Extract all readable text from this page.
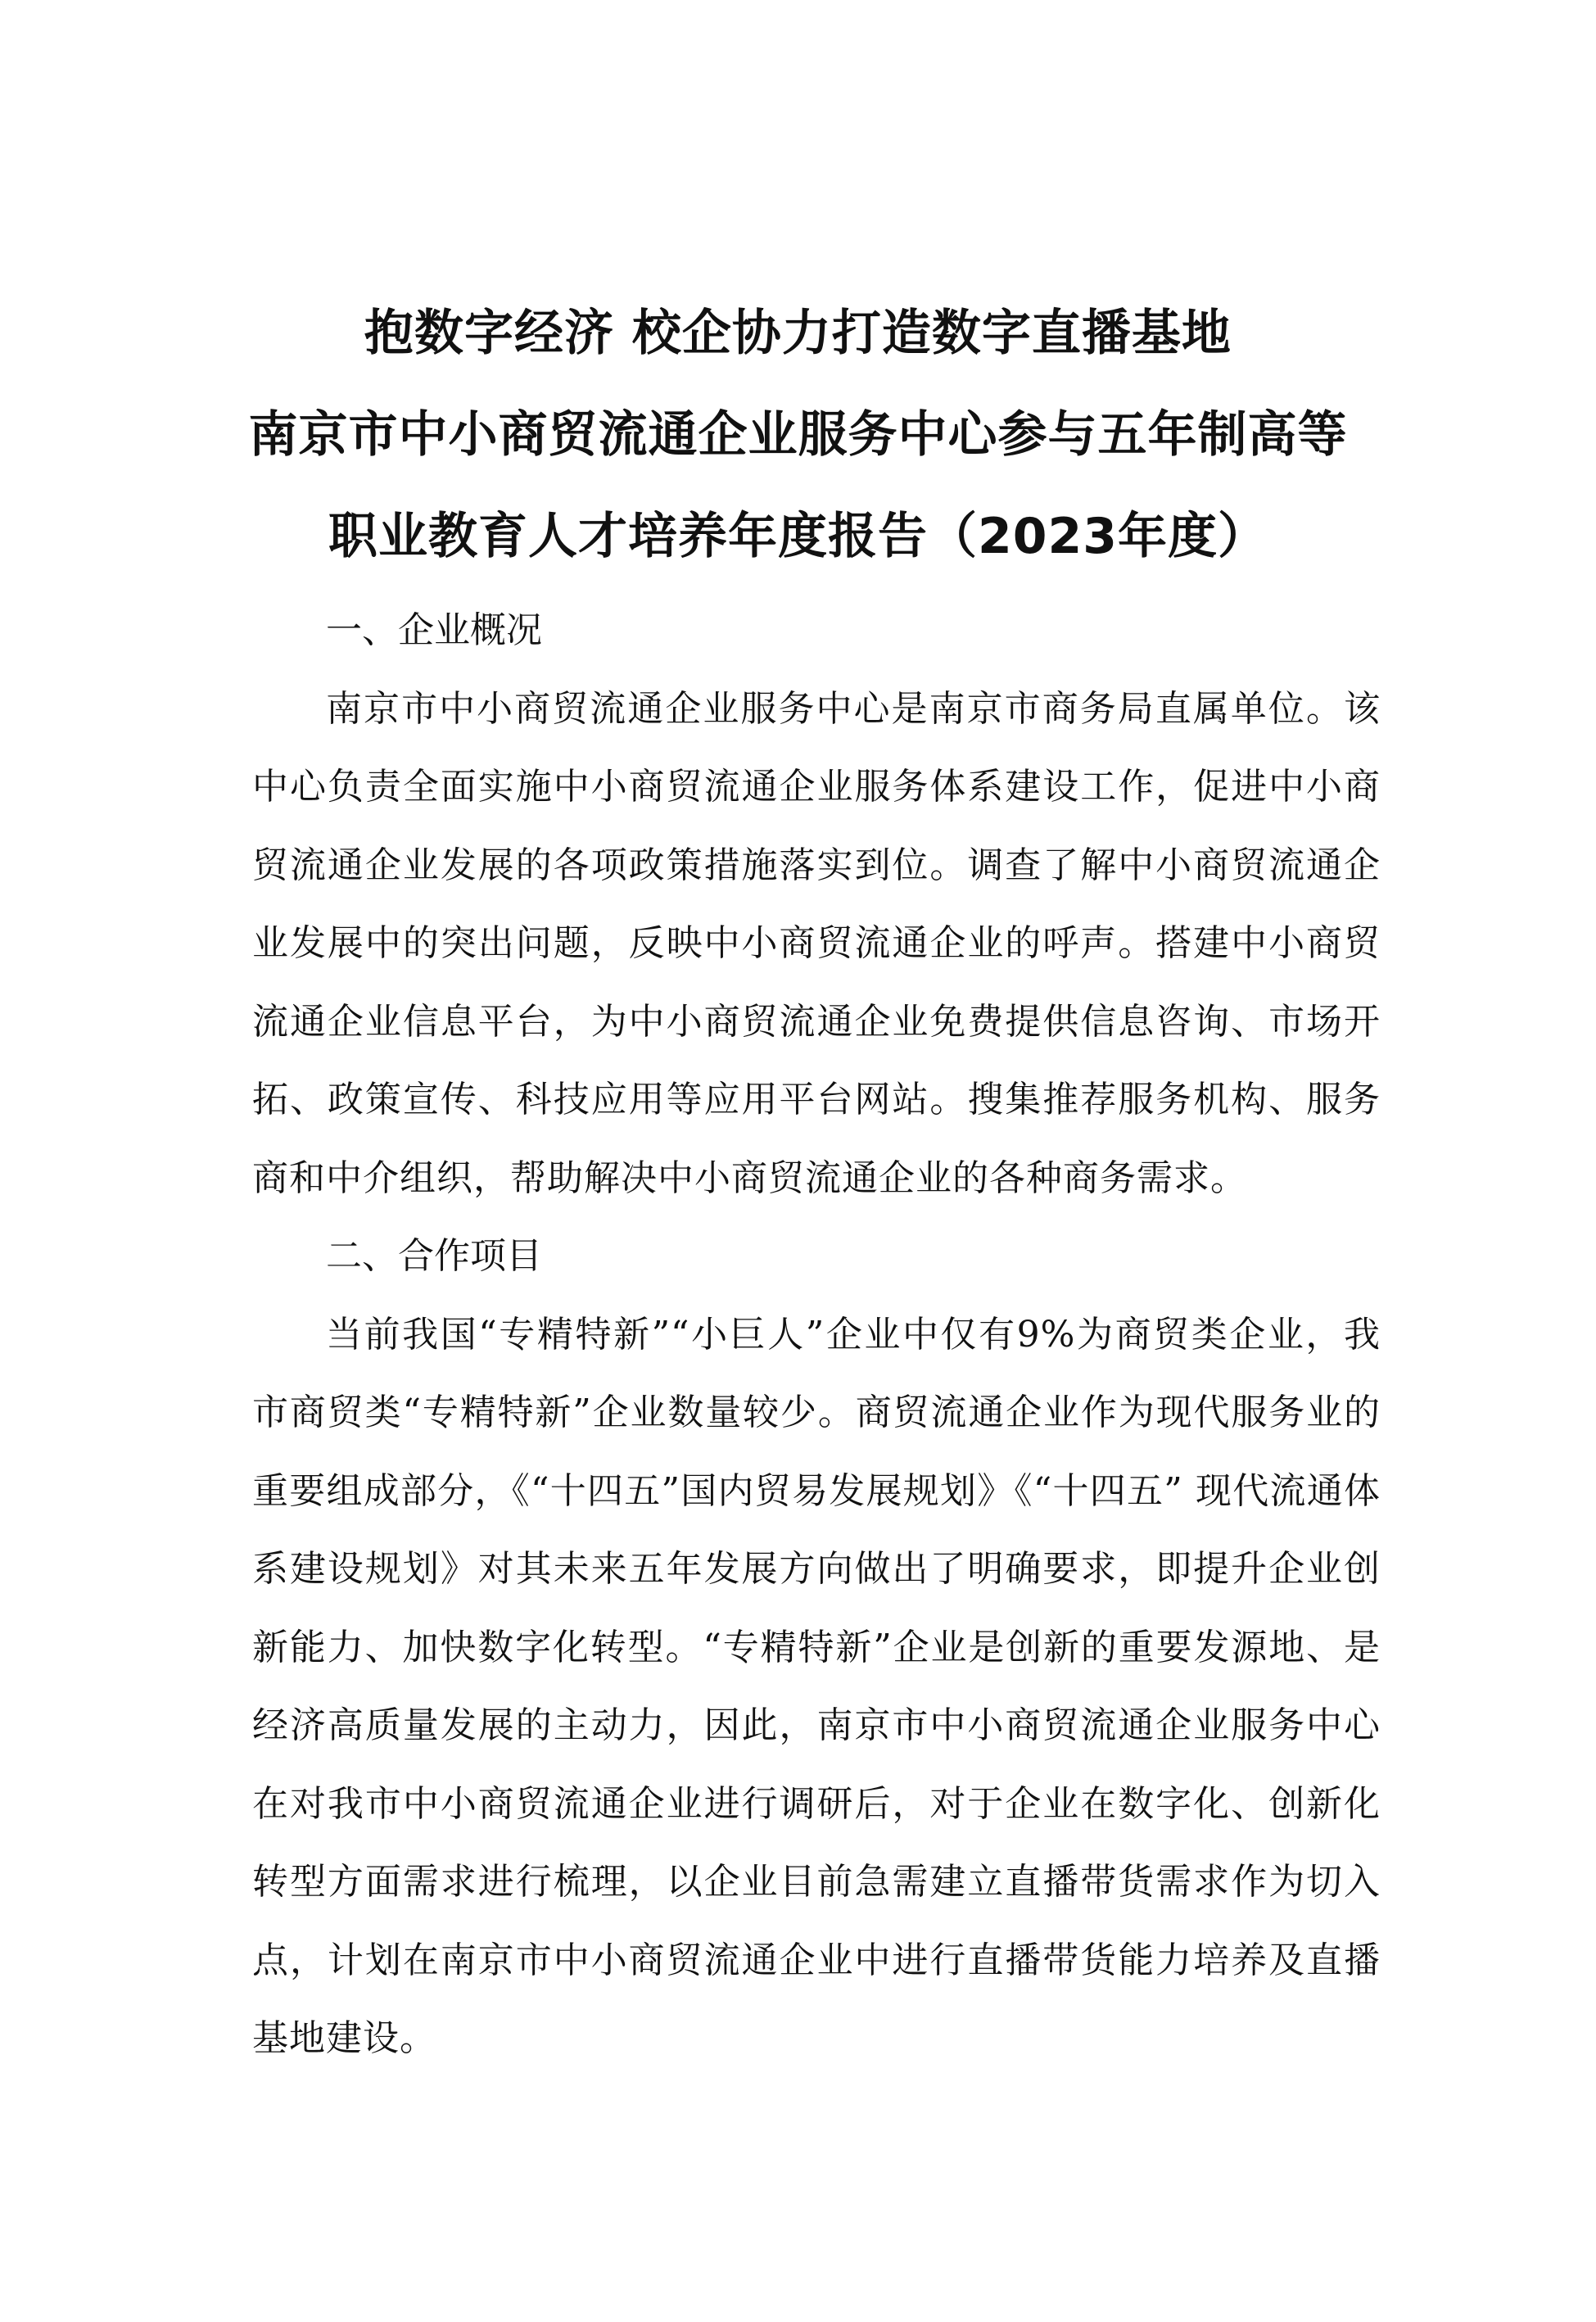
抱数字经济 校企协力打造数字直播基地
南京市中小商贸流通企业服务中心参与五年制高等
职业教育人才培养年度报告（2023年度）
一、企业概况

南京市中小商贸流通企业服务中心是南京市商务局直属单位。该中心负责全面实施中小商贸流通企业服务体系建设工作，促进中小商贸流通企业发展的各项政策措施落实到位。调查了解中小商贸流通企业发展中的突出问题，反映中小商贸流通企业的呼声。搭建中小商贸流通企业信息平台，为中小商贸流通企业免费提供信息咨询、市场开拓、政策宣传、科技应用等应用平台网站。搜集推荐服务机构、服务商和中介组织，帮助解决中小商贸流通企业的各种商务需求。

二、合作项目

当前我国“专精特新”“小巨人”企业中仅有9%为商贸类企业，我市商贸类“专精特新”企业数量较少。商贸流通企业作为现代服务业的重要组成部分，《“十四五”国内贸易发展规划》《“十四五” 现代流通体系建设规划》对其未来五年发展方向做出了明确要求，即提升企业创新能力、加快数字化转型。“专精特新”企业是创新的重要发源地、是经济高质量发展的主动力，因此，南京市中小商贸流通企业服务中心在对我市中小商贸流通企业进行调研后，对于企业在数字化、创新化转型方面需求进行梳理，以企业目前急需建立直播带货需求作为切入点，计划在南京市中小商贸流通企业中进行直播带货能力培养及直播基地建设。
